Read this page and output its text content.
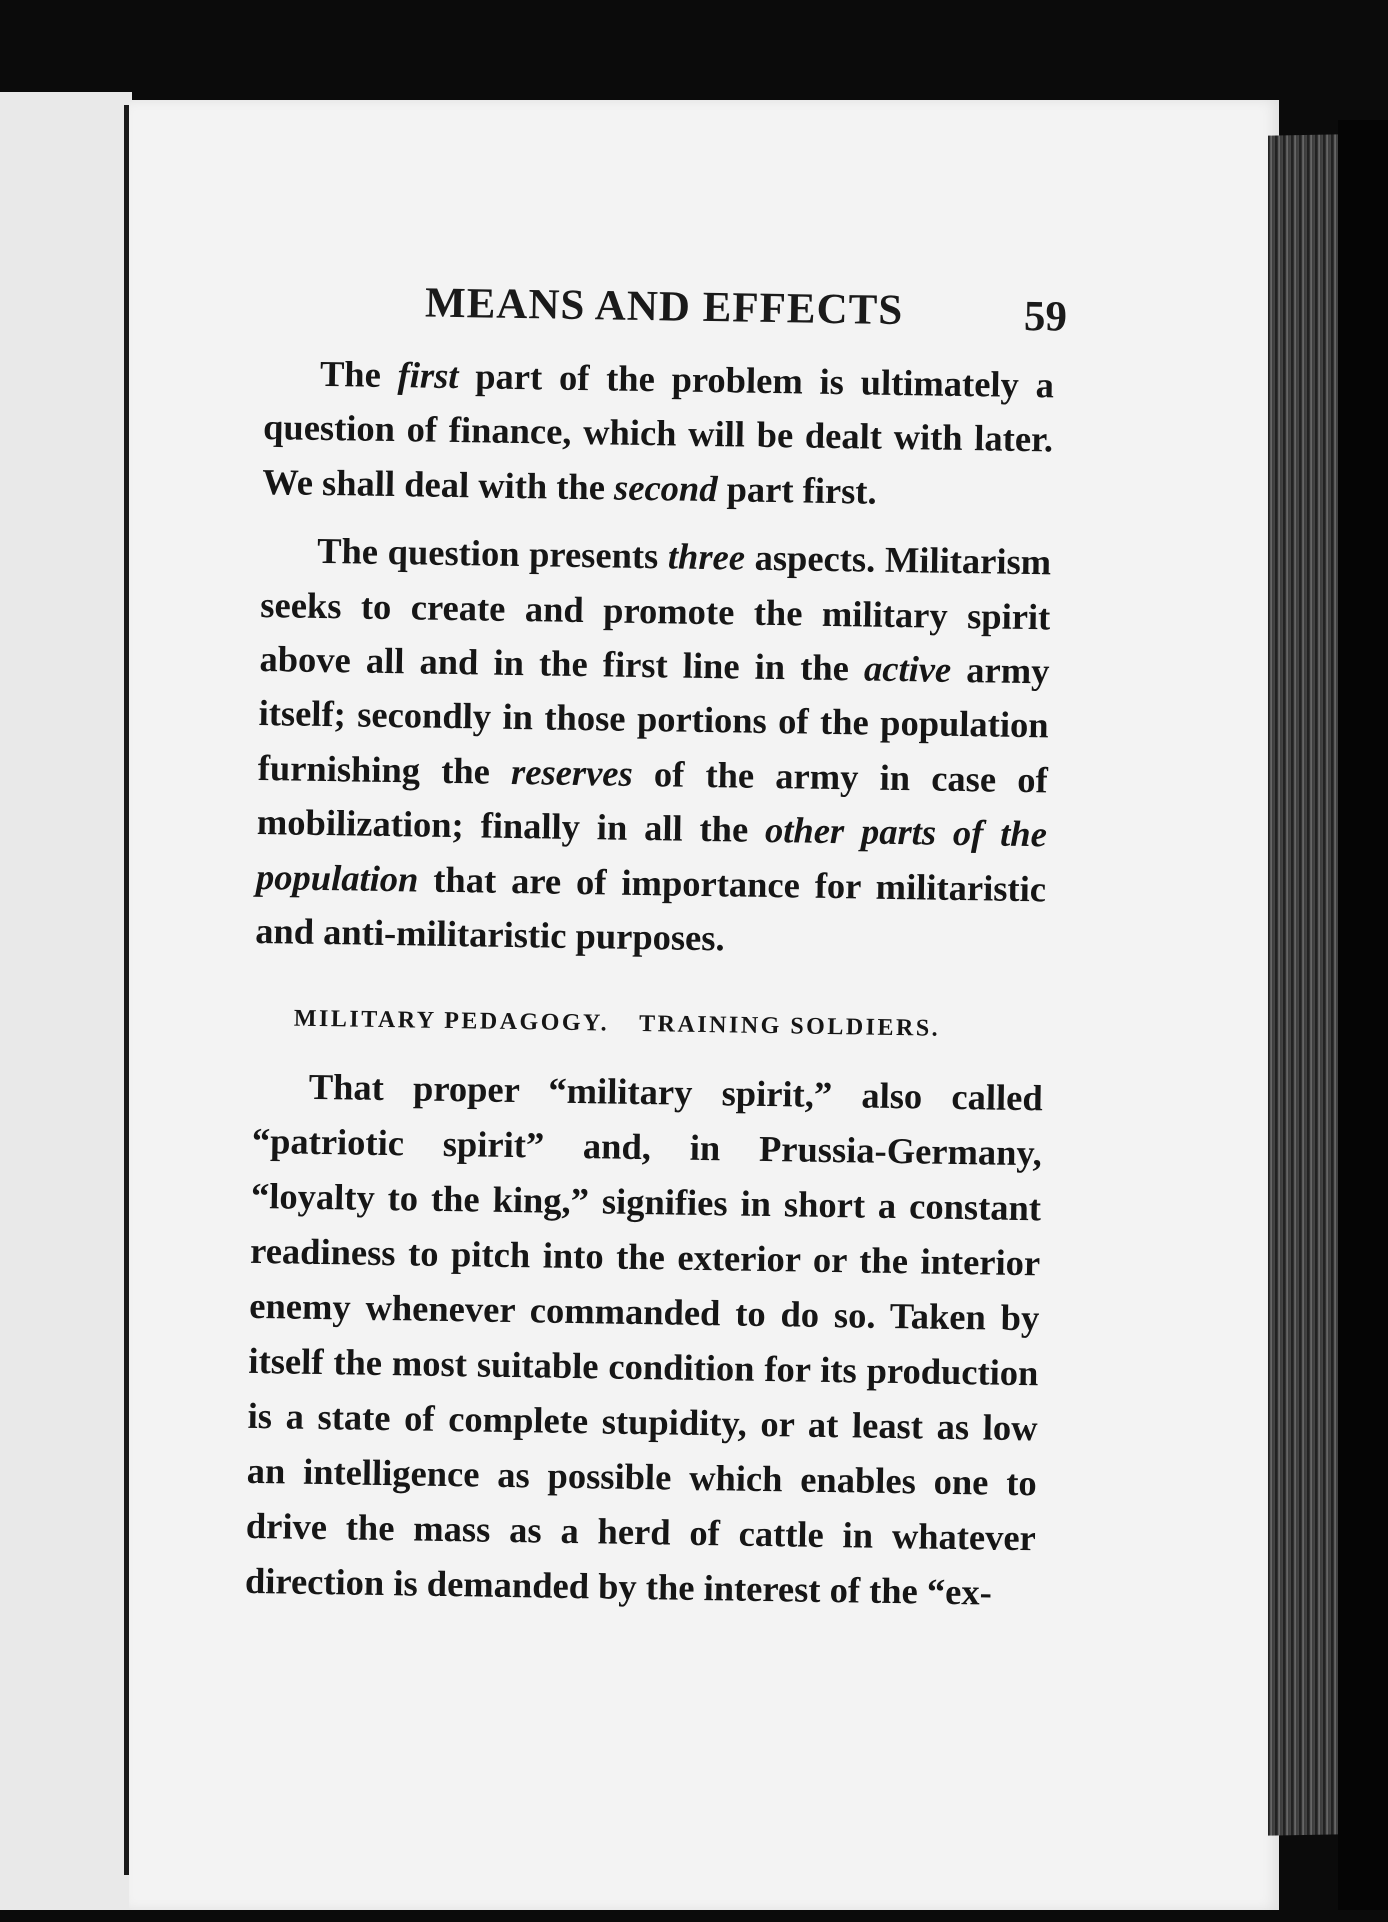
MEANS AND EFFECTS	59

The first part of the problem is ultimately a question of finance, which will be dealt with later. We shall deal with the second part first.

The question presents three aspects. Militarism seeks to create and promote the military spirit above all and in the first line in the active army itself; secondly in those portions of the population furnishing the reserves of the army in case of mobilization; finally in all the other parts of the population that are of importance for militaristic and anti-militaristic purposes.

MILITARY PEDAGOGY. TRAINING SOLDIERS.

That proper “military spirit,” also called “patriotic spirit” and, in Prussia-Germany, “loyalty to the king,” signifies in short a constant readiness to pitch into the exterior or the interior enemy whenever commanded to do so. Taken by itself the most suitable condition for its production is a state of complete stupidity, or at least as low an intelligence as possible which enables one to drive the mass as a herd of cattle in whatever direction is demanded by the interest of the “ex-
